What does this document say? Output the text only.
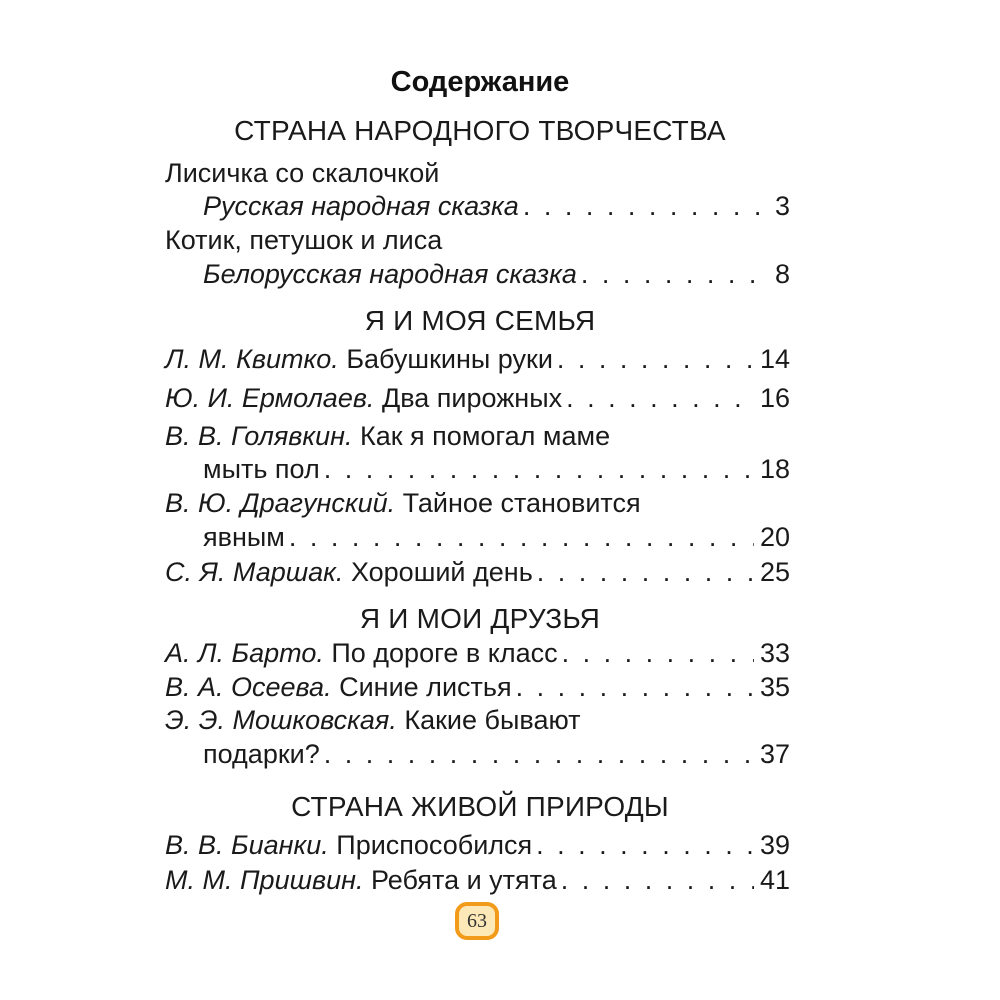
Содержание
СТРАНА НАРОДНОГО ТВОРЧЕСТВА
Лисичка со скалочкой
Русская народная сказка . . .	3
Котик, петушок и лиса
Белорусская народная сказка . . .	8
Я И МОЯ СЕМЬЯ
Л. М. Квитко.
Бабушкины руки . . .	14
Ю. И. Ермолаев.
Два пирожных . . .	16
В. В. Голявкин.
Как я помогал маме
мыть пол . . .	18
В. Ю. Драгунский.
Тайное становится
явным . . .	20
С. Я. Маршак.
Хороший день . . .	25
Я И МОИ ДРУЗЬЯ
А. Л. Барто.
По дороге в класс . . .	33
В. А. Осеева.
Синие листья . . .	35
Э. Э. Мошковская.
Какие бывают
подарки? . . .	37
СТРАНА ЖИВОЙ ПРИРОДЫ
В. В. Бианки.
Приспособился . . .	39
М. М. Пришвин.
Ребята и утята . . .	41
63
